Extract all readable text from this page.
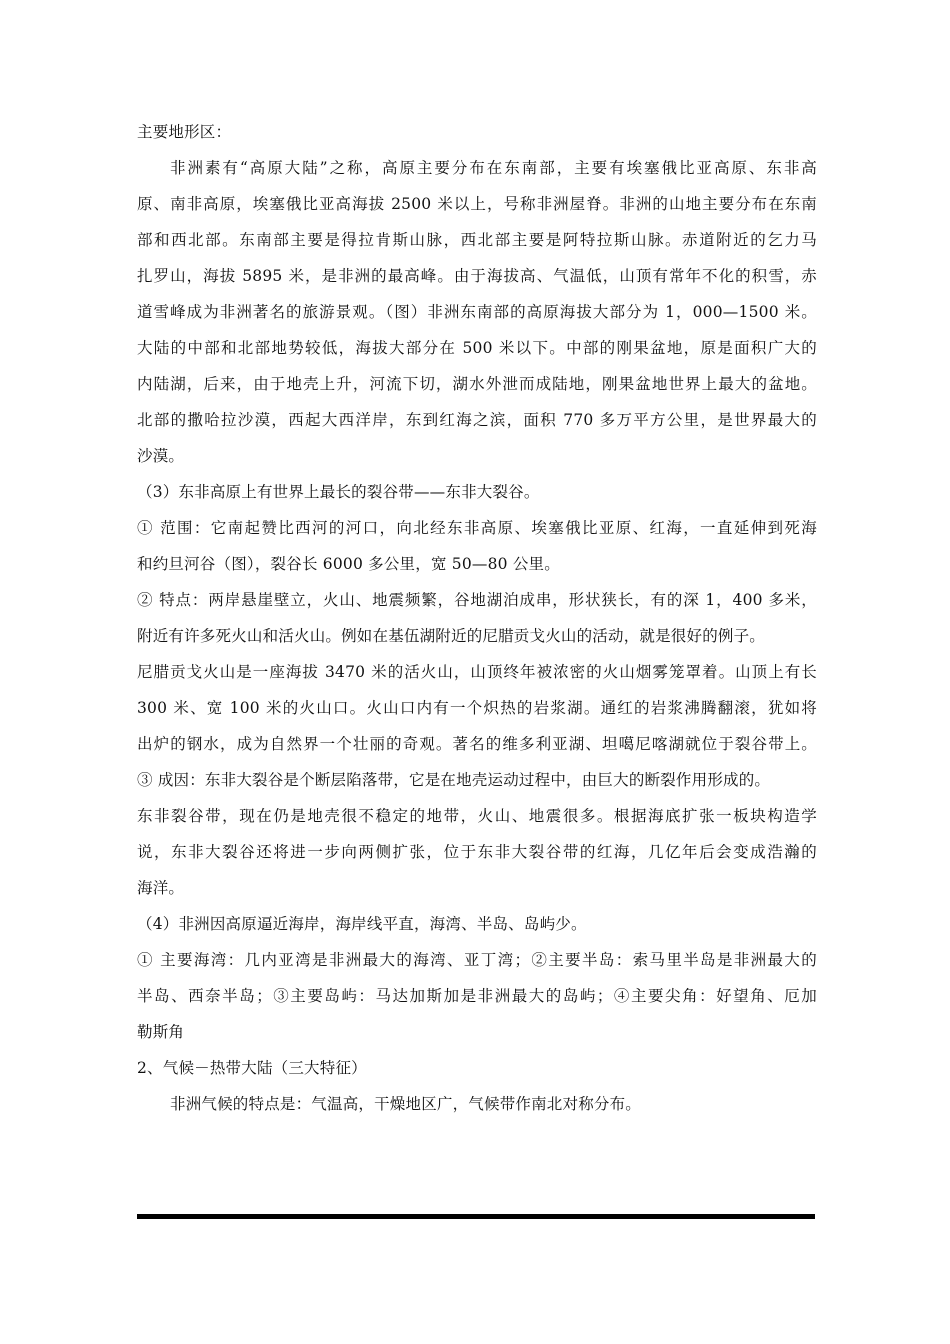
主要地形区：
非洲素有“高原大陆”之称，高原主要分布在东南部，主要有埃塞俄比亚高原、东非高
原、南非高原，埃塞俄比亚高海拔 2500 米以上，号称非洲屋脊。非洲的山地主要分布在东南
部和西北部。东南部主要是得拉肯斯山脉，西北部主要是阿特拉斯山脉。赤道附近的乞力马
扎罗山，海拔 5895 米，是非洲的最高峰。由于海拔高、气温低，山顶有常年不化的积雪，赤
道雪峰成为非洲著名的旅游景观。（图）非洲东南部的高原海拔大部分为 1，000—1500 米。
大陆的中部和北部地势较低，海拔大部分在 500 米以下。中部的刚果盆地，原是面积广大的
内陆湖，后来，由于地壳上升，河流下切，湖水外泄而成陆地，刚果盆地世界上最大的盆地。
北部的撒哈拉沙漠，西起大西洋岸，东到红海之滨，面积 770 多万平方公里，是世界最大的
沙漠。
（3）东非高原上有世界上最长的裂谷带——东非大裂谷。
① 范围：它南起赞比西河的河口，向北经东非高原、埃塞俄比亚原、红海，一直延伸到死海
和约旦河谷（图），裂谷长 6000 多公里，宽 50—80 公里。
② 特点：两岸悬崖壁立，火山、地震频繁，谷地湖泊成串，形状狭长，有的深 1，400 多米，
附近有许多死火山和活火山。例如在基伍湖附近的尼腊贡戈火山的活动，就是很好的例子。
尼腊贡戈火山是一座海拔 3470 米的活火山，山顶终年被浓密的火山烟雾笼罩着。山顶上有长
300 米、宽 100 米的火山口。火山口内有一个炽热的岩浆湖。通红的岩浆沸腾翻滚，犹如将
出炉的钢水，成为自然界一个壮丽的奇观。著名的维多利亚湖、坦噶尼喀湖就位于裂谷带上。
③ 成因：东非大裂谷是个断层陷落带，它是在地壳运动过程中，由巨大的断裂作用形成的。
东非裂谷带，现在仍是地壳很不稳定的地带，火山、地震很多。根据海底扩张一板块构造学
说，东非大裂谷还将进一步向两侧扩张，位于东非大裂谷带的红海，几亿年后会变成浩瀚的
海洋。
（4）非洲因高原逼近海岸，海岸线平直，海湾、半岛、岛屿少。
① 主要海湾：几内亚湾是非洲最大的海湾、亚丁湾；②主要半岛：索马里半岛是非洲最大的
半岛、西奈半岛；③主要岛屿：马达加斯加是非洲最大的岛屿；④主要尖角：好望角、厄加
勒斯角
2、气候－热带大陆（三大特征）
非洲气候的特点是：气温高，干燥地区广，气候带作南北对称分布。
